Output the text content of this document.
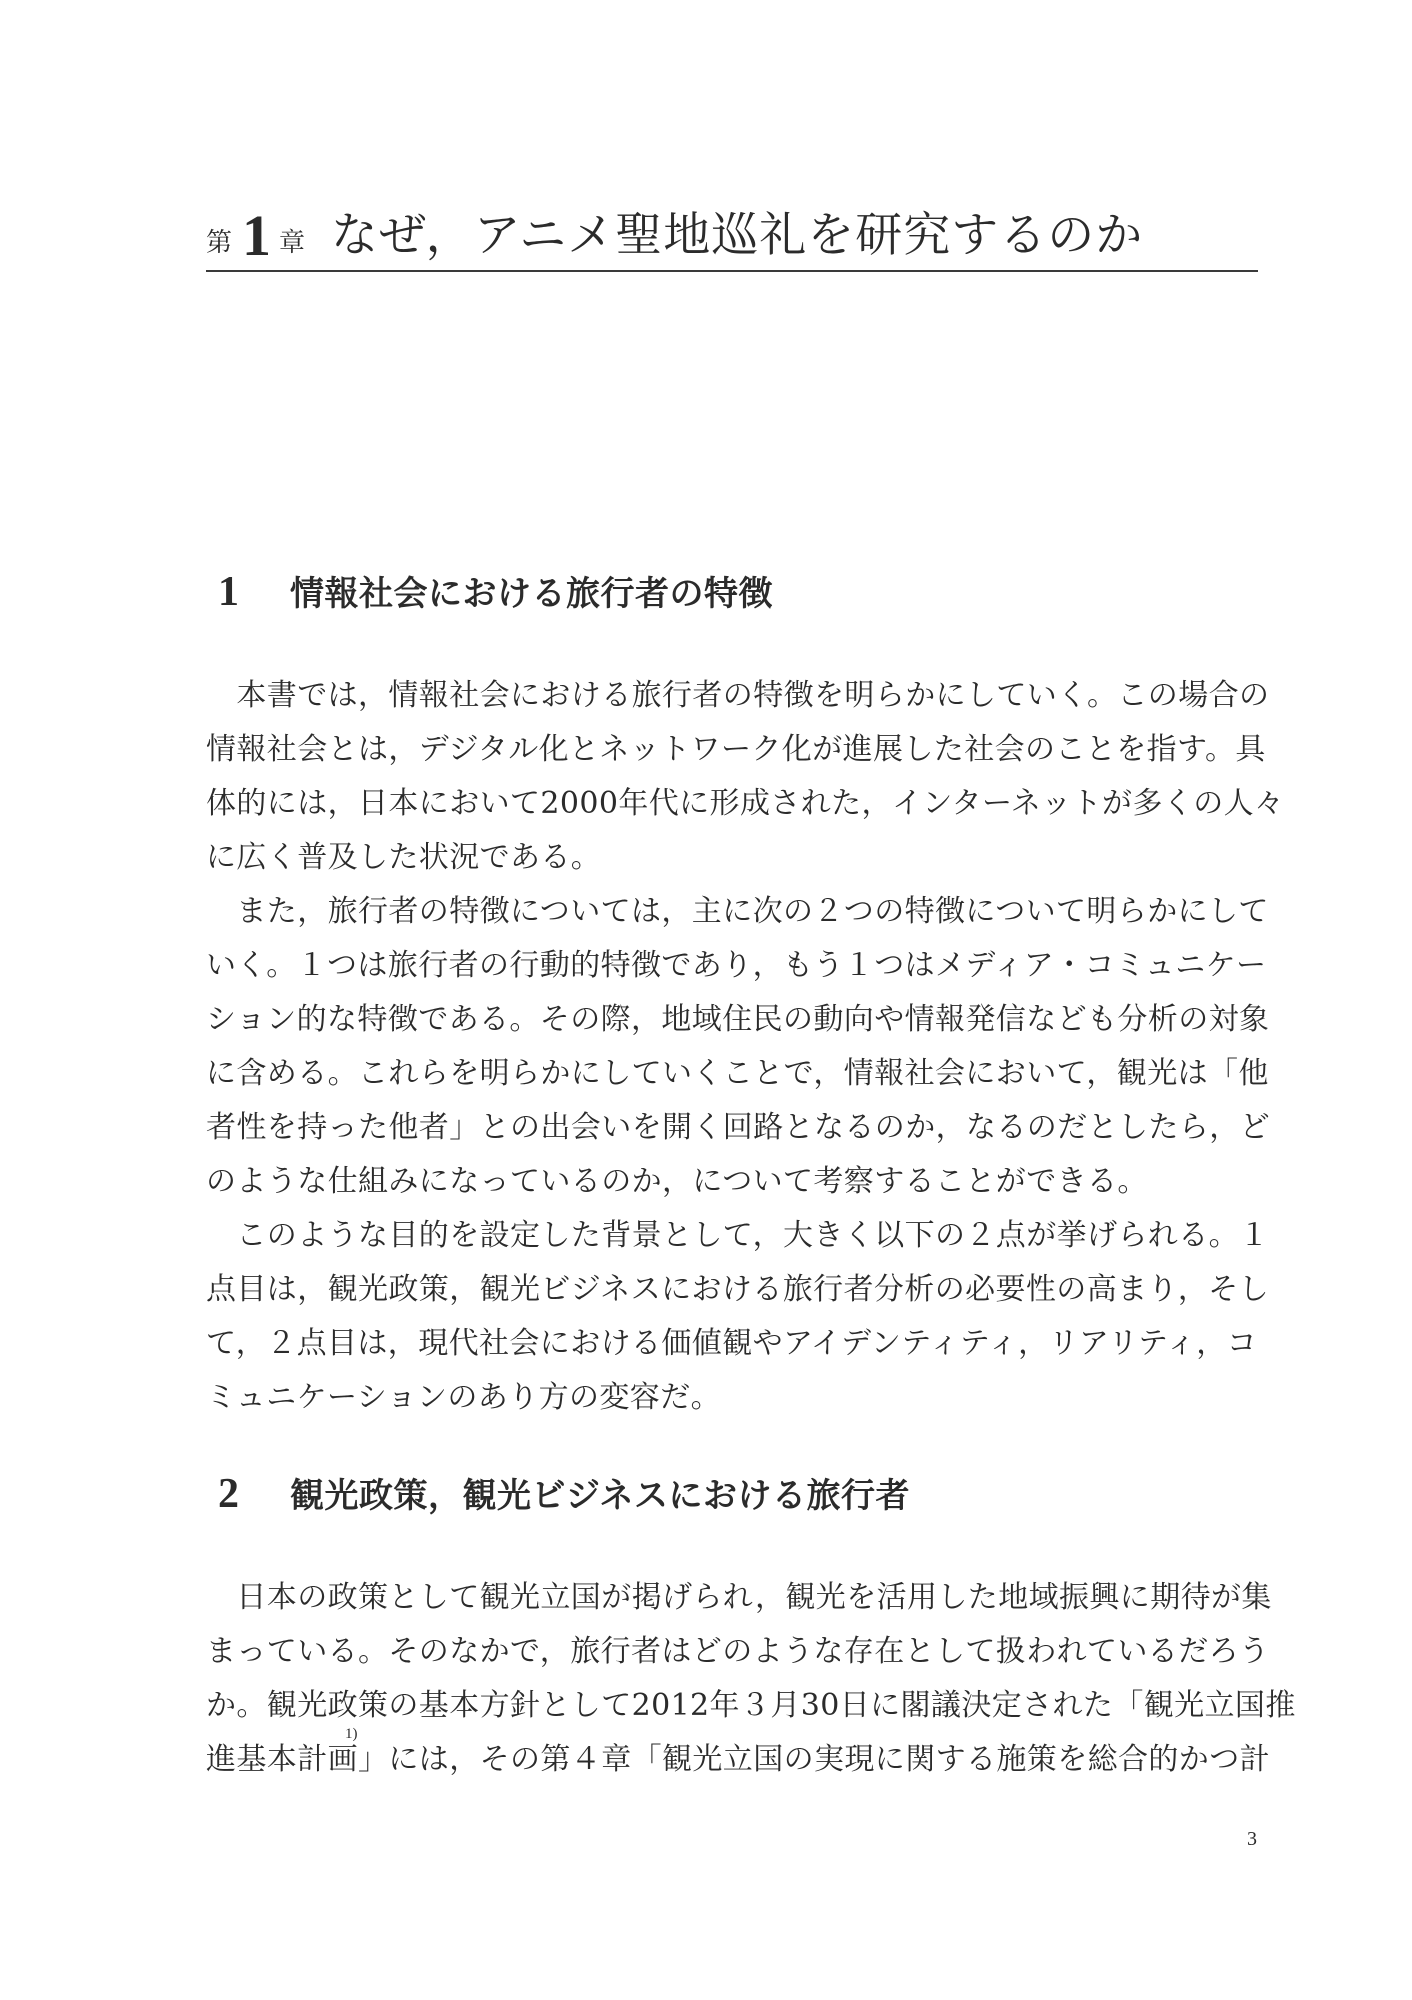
第 1 章 なぜ，アニメ聖地巡礼を研究するのか
1 情報社会における旅行者の特徴
　本書では，情報社会における旅行者の特徴を明らかにしていく。この場合の
情報社会とは，デジタル化とネットワーク化が進展した社会のことを指す。具
体的には，日本において2000年代に形成された，インターネットが多くの人々
に広く普及した状況である。
　また，旅行者の特徴については，主に次の２つの特徴について明らかにして
いく。１つは旅行者の行動的特徴であり，もう１つはメディア・コミュニケー
ション的な特徴である。その際，地域住民の動向や情報発信なども分析の対象
に含める。これらを明らかにしていくことで，情報社会において，観光は「他
者性を持った他者」との出会いを開く回路となるのか，なるのだとしたら，ど
のような仕組みになっているのか，について考察することができる。
　このような目的を設定した背景として，大きく以下の２点が挙げられる。１
点目は，観光政策，観光ビジネスにおける旅行者分析の必要性の高まり，そし
て，２点目は，現代社会における価値観やアイデンティティ，リアリティ，コ
ミュニケーションのあり方の変容だ。
2 観光政策，観光ビジネスにおける旅行者
　日本の政策として観光立国が掲げられ，観光を活用した地域振興に期待が集
まっている。そのなかで，旅行者はどのような存在として扱われているだろう
か。観光政策の基本方針として2012年３月30日に閣議決定された「観光立国推
進基本計画」には，その第４章「観光立国の実現に関する施策を総合的かつ計
1)
3
